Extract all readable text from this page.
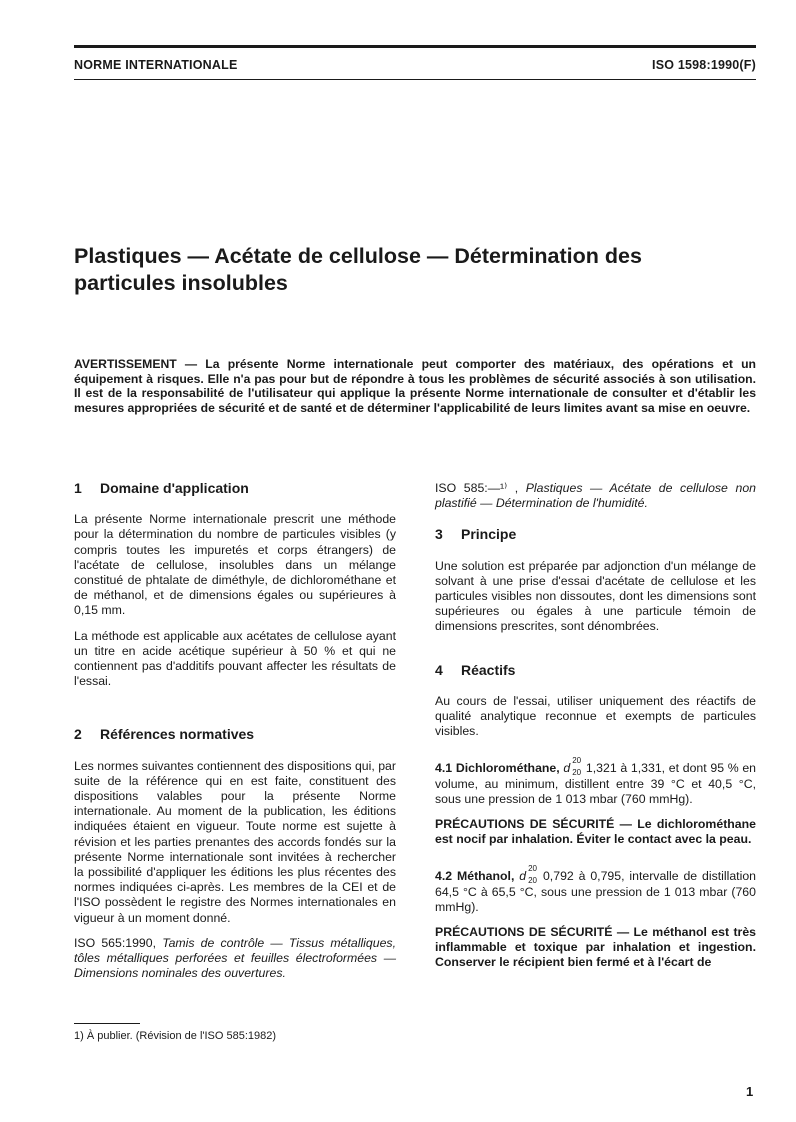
NORME INTERNATIONALE	ISO 1598:1990(F)
Plastiques — Acétate de cellulose — Détermination des
particules insolubles
AVERTISSEMENT — La présente Norme internationale peut comporter des matériaux, des opérations et un équipement à risques. Elle n'a pas pour but de répondre à tous les problèmes de sécurité associés à son utilisation. Il est de la responsabilité de l'utilisateur qui applique la présente Norme internationale de consulter et d'établir les mesures appropriées de sécurité et de santé et de déterminer l'applicabilité de leurs limites avant sa mise en oeuvre.
1 Domaine d'application

La présente Norme internationale prescrit une méthode pour la détermination du nombre de particules visibles (y compris toutes les impuretés et corps étrangers) de l'acétate de cellulose, insolubles dans un mélange constitué de phtalate de diméthyle, de dichlorométhane et de méthanol, et de dimensions égales ou supérieures à 0,15 mm.

La méthode est applicable aux acétates de cellulose ayant un titre en acide acétique supérieur à 50 % et qui ne contiennent pas d'additifs pouvant affecter les résultats de l'essai.

2 Références normatives

Les normes suivantes contiennent des dispositions qui, par suite de la référence qui en est faite, constituent des dispositions valables pour la présente Norme internationale. Au moment de la publication, les éditions indiquées étaient en vigueur. Toute norme est sujette à révision et les parties prenantes des accords fondés sur la présente Norme internationale sont invitées à rechercher la possibilité d'appliquer les éditions les plus récentes des normes indiquées ci-après. Les membres de la CEI et de l'ISO possèdent le registre des Normes internationales en vigueur à un moment donné.

ISO 565:1990, Tamis de contrôle — Tissus métalliques, tôles métalliques perforées et feuilles électroformées — Dimensions nominales des ouvertures.

ISO 585:—¹⁾ , Plastiques — Acétate de cellulose non plastifié — Détermination de l'humidité.

3 Principe

Une solution est préparée par adjonction d'un mélange de solvant à une prise d'essai d'acétate de cellulose et les particules visibles non dissoutes, dont les dimensions sont supérieures ou égales à une particule témoin de dimensions prescrites, sont dénombrées.

4 Réactifs

Au cours de l'essai, utiliser uniquement des réactifs de qualité analytique reconnue et exempts de particules visibles.

4.1 Dichlorométhane, d
20
20 1,321 à 1,331, et dont 95 % en volume, au minimum, distillent entre 39 °C et 40,5 °C, sous une pression de 1 013 mbar (760 mmHg).

PRÉCAUTIONS DE SÉCURITÉ — Le dichlorométhane est nocif par inhalation. Éviter le contact avec la peau.

4.2 Méthanol, d
20
20 0,792 à 0,795, intervalle de distillation 64,5 °C à 65,5 °C, sous une pression de 1 013 mbar (760 mmHg).

PRÉCAUTIONS DE SÉCURITÉ — Le méthanol est très inflammable et toxique par inhalation et ingestion. Conserver le récipient bien fermé et à l'écart de

1) À publier. (Révision de l'ISO 585:1982)
1
